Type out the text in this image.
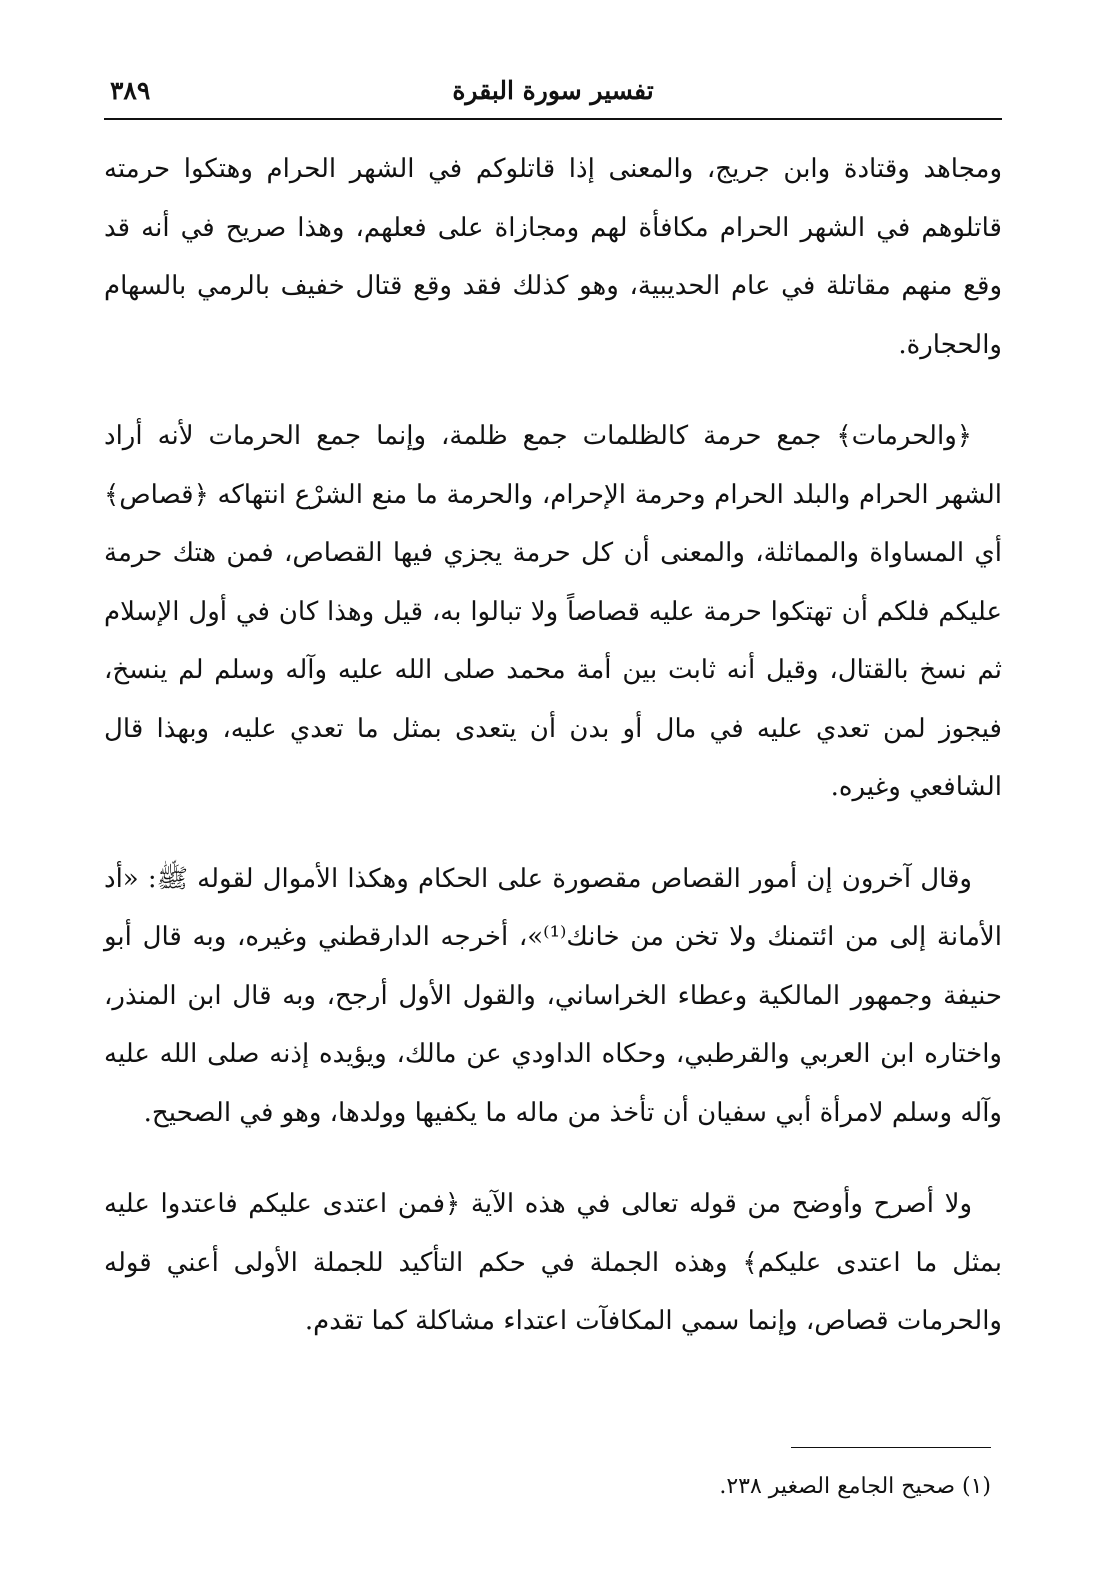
تفسير سورة البقرة
٣٨٩

ومجاهد وقتادة وابن جريج، والمعنى إذا قاتلوكم في الشهر الحرام وهتكوا حرمته قاتلوهم في الشهر الحرام مكافأة لهم ومجازاة على فعلهم، وهذا صريح في أنه قد وقع منهم مقاتلة في عام الحديبية، وهو كذلك فقد وقع قتال خفيف بالرمي بالسهام والحجارة.

﴿والحرمات﴾ جمع حرمة كالظلمات جمع ظلمة، وإنما جمع الحرمات لأنه أراد الشهر الحرام والبلد الحرام وحرمة الإحرام، والحرمة ما منع الشرْع انتهاكه ﴿قصاص﴾ أي المساواة والمماثلة، والمعنى أن كل حرمة يجزي فيها القصاص، فمن هتك حرمة عليكم فلكم أن تهتكوا حرمة عليه قصاصاً ولا تبالوا به، قيل وهذا كان في أول الإسلام ثم نسخ بالقتال، وقيل أنه ثابت بين أمة محمد صلى الله عليه وآله وسلم لم ينسخ، فيجوز لمن تعدي عليه في مال أو بدن أن يتعدى بمثل ما تعدي عليه، وبهذا قال الشافعي وغيره.

وقال آخرون إن أمور القصاص مقصورة على الحكام وهكذا الأموال لقوله ﷺ: «أد الأمانة إلى من ائتمنك ولا تخن من خانك⁽¹⁾»، أخرجه الدارقطني وغيره، وبه قال أبو حنيفة وجمهور المالكية وعطاء الخراساني، والقول الأول أرجح، وبه قال ابن المنذر، واختاره ابن العربي والقرطبي، وحكاه الداودي عن مالك، ويؤيده إذنه صلى الله عليه وآله وسلم لامرأة أبي سفيان أن تأخذ من ماله ما يكفيها وولدها، وهو في الصحيح.

ولا أصرح وأوضح من قوله تعالى في هذه الآية ﴿فمن اعتدى عليكم فاعتدوا عليه بمثل ما اعتدى عليكم﴾ وهذه الجملة في حكم التأكيد للجملة الأولى أعني قوله والحرمات قصاص، وإنما سمي المكافآت اعتداء مشاكلة كما تقدم.

(١) صحيح الجامع الصغير ٢٣٨.
